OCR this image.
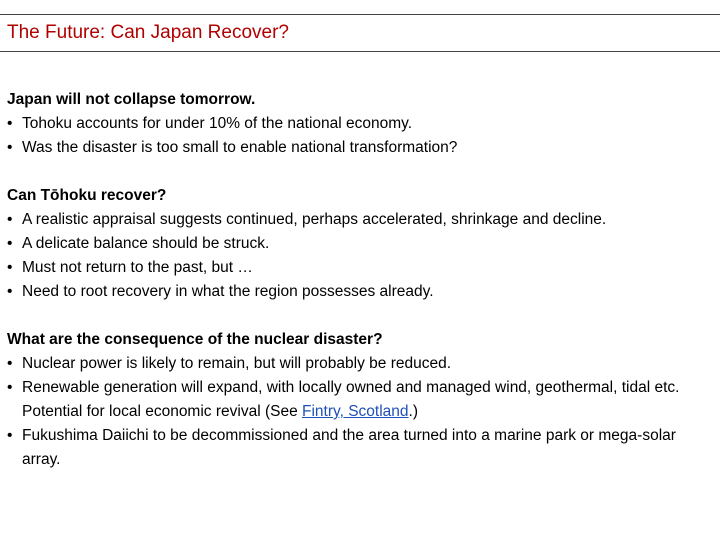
The Future: Can Japan Recover?
Japan will not collapse tomorrow.
• Tohoku accounts for under 10% of the national economy.
• Was the disaster is too small to enable national transformation?
Can Tōhoku recover?
• A realistic appraisal suggests continued, perhaps accelerated, shrinkage and decline.
• A delicate balance should be struck.
• Must not return to the past, but …
• Need to root recovery in what the region possesses already.
What are the consequence of the nuclear disaster?
• Nuclear power is likely to remain, but will probably be reduced.
• Renewable generation will expand, with locally owned and managed wind, geothermal, tidal etc. Potential for local economic revival (See Fintry, Scotland.)
• Fukushima Daiichi to be decommissioned and the area turned into a marine park or mega-solar array.
